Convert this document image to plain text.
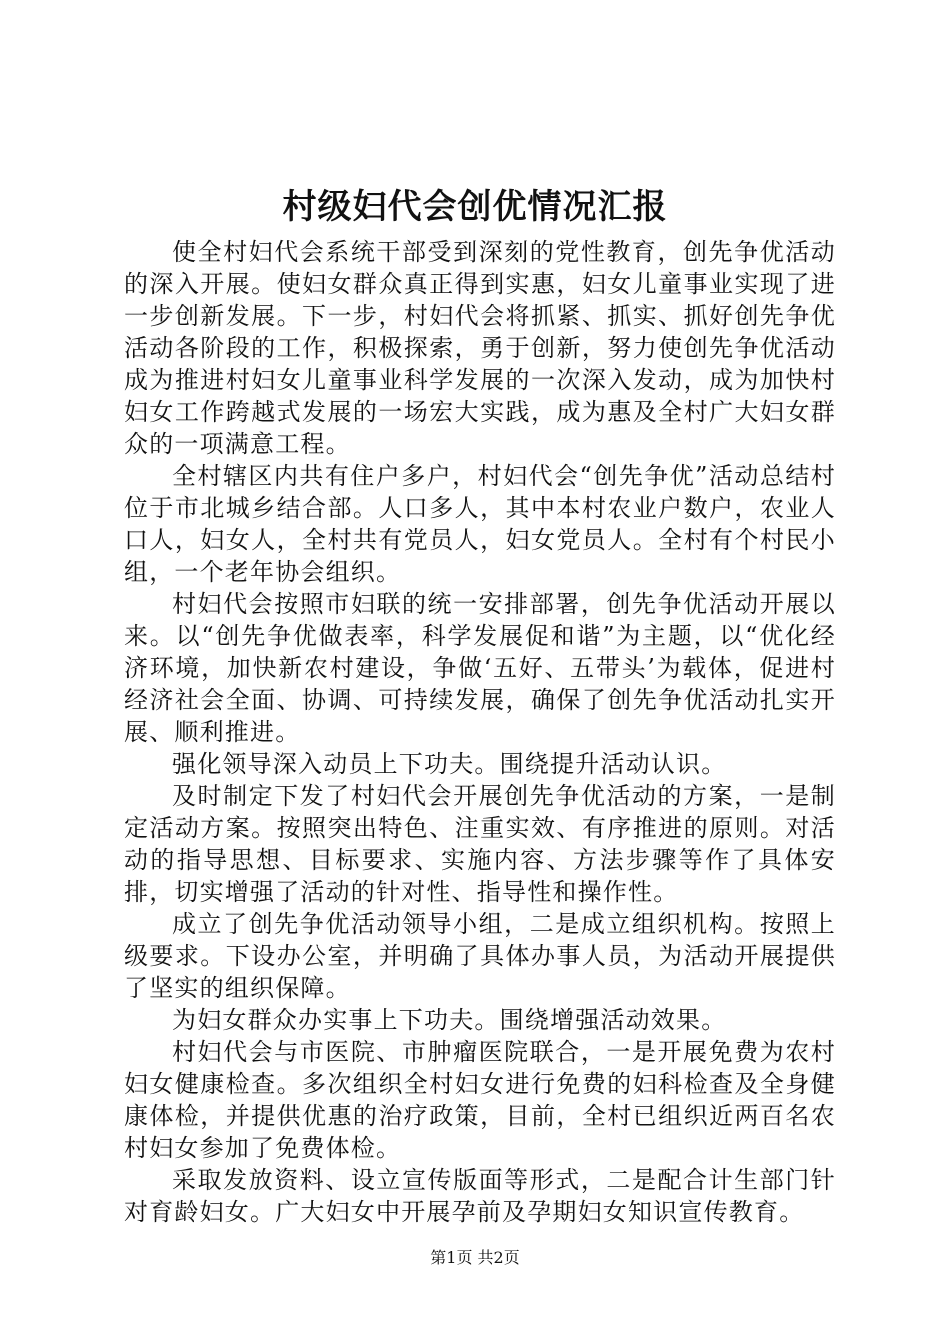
村级妇代会创优情况汇报

使全村妇代会系统干部受到深刻的党性教育，创先争优活动的深入开展。使妇女群众真正得到实惠，妇女儿童事业实现了进一步创新发展。下一步，村妇代会将抓紧、抓实、抓好创先争优活动各阶段的工作，积极探索，勇于创新，努力使创先争优活动成为推进村妇女儿童事业科学发展的一次深入发动，成为加快村妇女工作跨越式发展的一场宏大实践，成为惠及全村广大妇女群众的一项满意工程。

全村辖区内共有住户多户，村妇代会“创先争优”活动总结村位于市北城乡结合部。人口多人，其中本村农业户数户，农业人口人，妇女人，全村共有党员人，妇女党员人。全村有个村民小组，一个老年协会组织。

村妇代会按照市妇联的统一安排部署，创先争优活动开展以来。以“创先争优做表率，科学发展促和谐”为主题，以“优化经济环境，加快新农村建设，争做‘五好、五带头’为载体，促进村经济社会全面、协调、可持续发展，确保了创先争优活动扎实开展、顺利推进。

强化领导深入动员上下功夫。围绕提升活动认识。

及时制定下发了村妇代会开展创先争优活动的方案，一是制定活动方案。按照突出特色、注重实效、有序推进的原则。对活动的指导思想、目标要求、实施内容、方法步骤等作了具体安排，切实增强了活动的针对性、指导性和操作性。

成立了创先争优活动领导小组，二是成立组织机构。按照上级要求。下设办公室，并明确了具体办事人员，为活动开展提供了坚实的组织保障。

为妇女群众办实事上下功夫。围绕增强活动效果。

村妇代会与市医院、市肿瘤医院联合，一是开展免费为农村妇女健康检查。多次组织全村妇女进行免费的妇科检查及全身健康体检，并提供优惠的治疗政策，目前，全村已组织近两百名农村妇女参加了免费体检。

采取发放资料、设立宣传版面等形式，二是配合计生部门针对育龄妇女。广大妇女中开展孕前及孕期妇女知识宣传教育。

第1页 共2页
